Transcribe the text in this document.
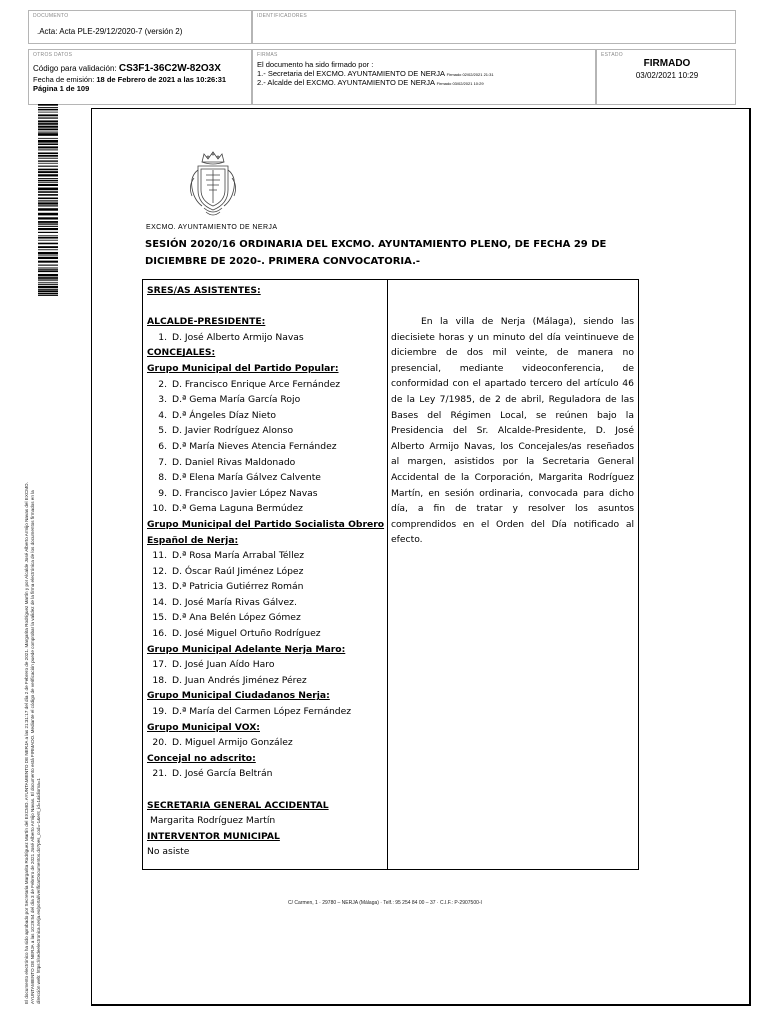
DOCUMENTO
.Acta: Acta PLE-29/12/2020-7 (versión 2)
IDENTIFICADORES
OTROS DATOS
Código para validación: CS3F1-36C2W-82O3X
Fecha de emisión: 18 de Febrero de 2021 a las 10:26:31
Página 1 de 109
FIRMAS
El documento ha sido firmado por :
1.- Secretaria del EXCMO. AYUNTAMIENTO DE NERJA Firmado 02/02/2021 21:31
2.- Alcalde del EXCMO. AYUNTAMIENTO DE NERJA Firmado 03/02/2021 10:29
ESTADO
FIRMADO
03/02/2021 10:29
El documento electrónico ha sido aprobado por Secretaria Margarita Rodríguez Martín del EXCMO. AYUNTAMIENTO DE NERJA a las 21:31:17 del día 2 de Febrero de 2021. Margarita Rodríguez Martín y por Alcalde José Alberto Armijo Navas del EXCMO. AYUNTAMIENTO DE NERJA a las 10:29:54 del día 3 de Febrero de 2021 José Alberto Armijo Navas. El documento está FIRMADO. Mediante el código de verificación puede comprobar la validez de la firma electrónica de los documentos firmados en la dirección web: https://sedeelectronica.nerja.es/portal/verificarDocumentos.do?pes_cod=-1&ent_id=1&idioma=1
EXCMO. AYUNTAMIENTO DE NERJA
SESIÓN 2020/16 ORDINARIA DEL EXCMO. AYUNTAMIENTO PLENO, DE FECHA 29 DE DICIEMBRE DE 2020-. PRIMERA CONVOCATORIA.-
SRES/AS ASISTENTES:
ALCALDE-PRESIDENTE:
1. D. José Alberto Armijo Navas
CONCEJALES:
Grupo Municipal del Partido Popular:
2. D. Francisco Enrique Arce Fernández
3. D.ª Gema María García Rojo
4. D.ª Ángeles Díaz Nieto
5. D. Javier Rodríguez Alonso
6. D.ª María Nieves Atencia Fernández
7. D. Daniel Rivas Maldonado
8. D.ª Elena María Gálvez Calvente
9. D. Francisco Javier López Navas
10. D.ª Gema Laguna Bermúdez
Grupo Municipal del Partido Socialista Obrero
Español de Nerja:
11. D.ª Rosa María Arrabal Téllez
12. D. Óscar Raúl Jiménez López
13. D.ª Patricia Gutiérrez Román
14. D. José María Rivas Gálvez.
15. D.ª Ana Belén López Gómez
16. D. José Miguel Ortuño Rodríguez
Grupo Municipal Adelante Nerja Maro:
17. D. José Juan Aído Haro
18. D. Juan Andrés Jiménez Pérez
Grupo Municipal Ciudadanos Nerja:
19. D.ª María del Carmen López Fernández
Grupo Municipal VOX:
20. D. Miguel Armijo González
Concejal no adscrito:
21. D. José García Beltrán
SECRETARIA GENERAL ACCIDENTAL
Margarita Rodríguez Martín
INTERVENTOR MUNICIPAL
No asiste
En la villa de Nerja (Málaga), siendo las diecisiete horas y un minuto del día veintinueve de diciembre de dos mil veinte, de manera no presencial, mediante videoconferencia, de conformidad con el apartado tercero del artículo 46 de la Ley 7/1985, de 2 de abril, Reguladora de las Bases del Régimen Local, se reúnen bajo la Presidencia del Sr. Alcalde-Presidente, D. José Alberto Armijo Navas, los Concejales/as reseñados al margen, asistidos por la Secretaria General Accidental de la Corporación, Margarita Rodríguez Martín, en sesión ordinaria, convocada para dicho día, a fin de tratar y resolver los asuntos comprendidos en el Orden del Día notificado al efecto.
C/ Carmen, 1 · 29780 – NERJA (Málaga) · Telf.: 95 254 84 00 – 37 · C.I.F.: P-2907500-I
